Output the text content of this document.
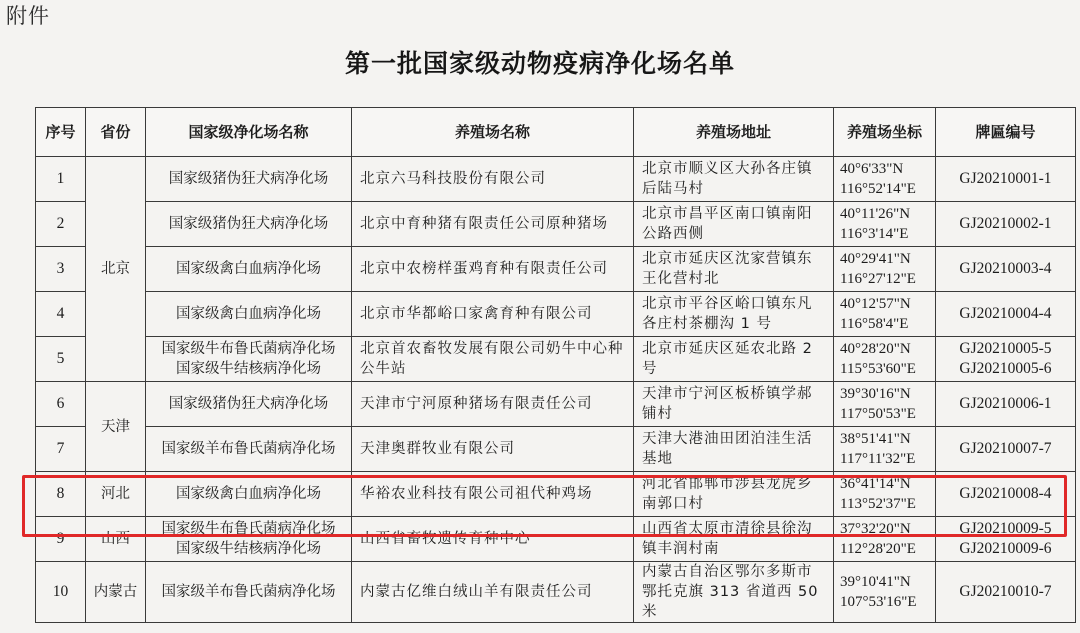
附件
第一批国家级动物疫病净化场名单
序号	省份	国家级净化场名称	养殖场名称	养殖场地址	养殖场坐标	牌匾编号
1	北京	国家级猪伪狂犬病净化场	北京六马科技股份有限公司	北京市顺义区大孙各庄镇
后陆马村	40°6'33"N
116°52'14"E	GJ20210001-1

2		国家级猪伪狂犬病净化场	北京中育种猪有限责任公司原种猪场	北京市昌平区南口镇南阳
公路西侧	40°11'26"N
116°3'14"E	GJ20210002-1

3		国家级禽白血病净化场	北京中农榜样蛋鸡育种有限责任公司	北京市延庆区沈家营镇东
王化营村北	40°29'41"N
116°27'12"E	GJ20210003-4

4		国家级禽白血病净化场	北京市华都峪口家禽育种有限公司	北京市平谷区峪口镇东凡
各庄村茶棚沟 1 号	40°12'57"N
116°58'4"E	GJ20210004-4

5		国家级牛布鲁氏菌病净化场
国家级牛结核病净化场	北京首农畜牧发展有限公司奶牛中心种
公牛站	北京市延庆区延农北路 2
号	40°28'20"N
115°53'60"E	GJ20210005-5
GJ20210005-6

6	天津	国家级猪伪狂犬病净化场	天津市宁河原种猪场有限责任公司	天津市宁河区板桥镇学郝
铺村	39°30'16"N
117°50'53"E	GJ20210006-1

7		国家级羊布鲁氏菌病净化场	天津奥群牧业有限公司	天津大港油田团泊洼生活
基地	38°51'41"N
117°11'32"E	GJ20210007-7

8	河北	国家级禽白血病净化场	华裕农业科技有限公司祖代种鸡场	河北省邯郸市涉县龙虎乡
南郭口村	36°41'14"N
113°52'37"E	GJ20210008-4

9	山西	国家级牛布鲁氏菌病净化场
国家级牛结核病净化场	山西省畜牧遗传育种中心	山西省太原市清徐县徐沟
镇丰润村南	37°32'20"N
112°28'20"E	GJ20210009-5
GJ20210009-6

10	内蒙古	国家级羊布鲁氏菌病净化场	内蒙古亿维白绒山羊有限责任公司	内蒙古自治区鄂尔多斯市
鄂托克旗 313 省道西 50 米	39°10'41"N
107°53'16"E	GJ20210010-7
